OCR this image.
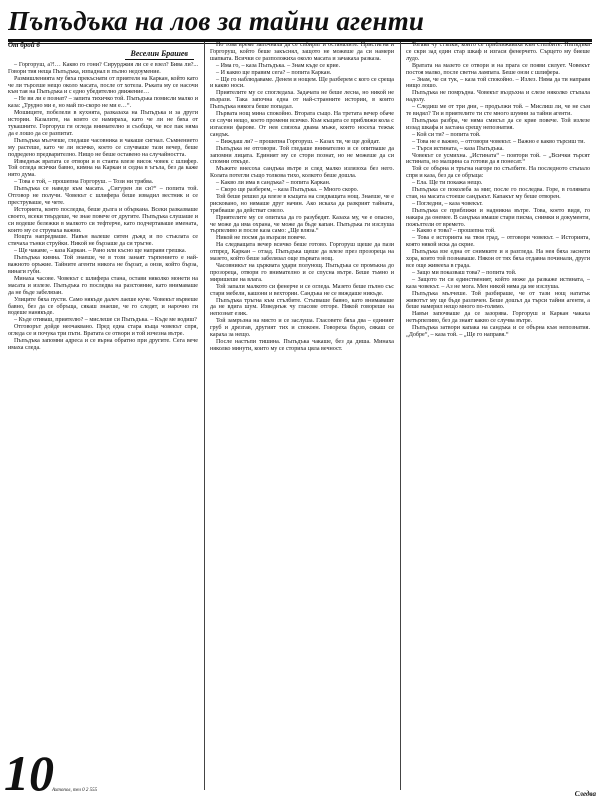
Пъпъдъка на лов за тайни агенти
От брой 6
Веселин Брашев

– Горгоруш, а?!… Какво го гони? Сирурджия ли се е взел? Бива ли?... Говори тия неща Пъпъдъка, изпаднал в пълно недоумение.

Размишленията му бяха прекъснати от приятеля на Каркан, който като че ли търсеше нещо около масата, после от хотела. Ръката му се насочи към тая на Пъпъдъка и с едно убедително движение…

– Не ви ли е познат? – запита тихичко той. Пъпъдъка помисли малко и каза: „Трудно ми е, но май по-скоро не ми е…“.

Мошиците, побелели в кухнята, разказаха на Пъпъдъка и за други истории. Казалите, на които се намираха, като че ли не бяха от тукашните. Горгоруш ги огледа внимателно и съобщи, че все пак няма да е лошо да се разпитат.

Пъпъдъка мълчеше, гледаше часовника и чакаше сигнал. Съмнението му растеше, като че ли всичко, което се случваше тази вечер, беше подредено предварително. Нищо не беше оставено на случайността.

Изведнъж вратата се отвори и в стаята влезе висок човек с шлифер. Той огледа всички бавно, кимна на Каркан и седна в ъгъла, без да каже нито дума.

– Това е той, – прошепна Горгоруш. – Този ни трябва.

Пъпъдъка се наведе към масата. „Сигурен ли си?“ – попита той. Отговор не получи. Човекът с шлифера беше извадил вестник и се преструваше, че чете.

Историята, която последва, беше дълга и объркана. Всеки разказваше своето, всеки твърдеше, че знае повече от другите. Пъпъдъка слушаше и си водеше бележки в малкото си тефтерче, като подчертаваше имената, които му се струваха важни.

Нощта напредваше. Навън валеше ситен дъжд и по стъклата се стичаха тънки струйки. Никой не бързаше да си тръгне.

– Ще чакаме, – каза Каркан. – Рано или късно ще направи грешка.

Пъпъдъка кимна. Той знаеше, че в този занаят търпението е най-важното оръжие. Тайните агенти никога не бързат, а онзи, който бърза, винаги губи.

Минаха часове. Човекът с шлифера стана, остави няколко монети на масата и излезе. Пъпъдъка го последва на разстояние, като внимаваше да не бъде забелязан.

Улиците бяха пусти. Само някъде далеч лаеше куче. Човекът вървеше бавно, без да се обръща, сякаш знаеше, че го следят, и нарочно ги водеше нанякъде.

– Къде отиваш, приятелю? – мислеше си Пъпъдъка. – Къде ме водиш?

Отговорът дойде неочаквано. Пред една стара къща човекът спря, огледа се и почука три пъти. Вратата се отвори и той изчезна вътре.

Пъпъдъка запомни адреса и се върна обратно при другите. Сега вече имаха следа.

По това време започнаха да се събират и останалите. Пристигна и Горгоруш, който беше закъснял, защото не можеше да си намери шапката. Всички се разположиха около масата и зачакаха разказа.

– Има го, – каза Пъпъдъка. – Знам къде се крие.

– И какво ще правим сега? – попита Каркан.

– Ще го наблюдаваме. Денем и нощем. Ще разберем с кого се среща и какво носи.

Приятелите му се спогледаха. Задачата не беше лесна, но никой не възрази. Така започна една от най-странните истории, в които Пъпъдъка някога беше попадал.

Първата нощ мина спокойно. Втората също. На третата вечер обаче се случи нещо, което промени всичко. Към къщата се приближи кола с изгасени фарове. От нея слязоха двама мъже, които носеха тежък сандък.

– Виждаш ли? – прошепна Горгоруш. – Казах ти, че ще дойдат.

Пъпъдъка не отговори. Той гледаше внимателно и се опитваше да запомни лицата. Единият му се стори познат, но не можеше да си спомни откъде.

Мъжете внесоха сандъка вътре и след малко излязоха без него. Колата потегли също толкова тихо, колкото беше дошла.

– Какво ли има в сандъка? – попита Каркан.

– Скоро ще разберем, – каза Пъпъдъка. – Много скоро.

Той беше решил да влезе в къщата на следващата нощ. Знаеше, че е рисковано, но нямаше друг начин. Ако искаха да разкрият тайната, трябваше да действат смело.

Приятелите му се опитаха да го разубедят. Казаха му, че е опасно, че може да има охрана, че може да бъде капан. Пъпъдъка ги изслуша търпеливо и после каза само: „Ще вляза.“

Никой не посмя да възрази повече.

На следващата вечер всичко беше готово. Горгоруш щеше да пази отпред, Каркан – отзад. Пъпъдъка щеше да влезе през прозореца на мазето, който беше забелязал още първата нощ.

Часовникът на църквата удари полунощ. Пъпъдъка се промъкна до прозореца, отвори го внимателно и се спусна вътре. Беше тъмно и миришеше на влага.

Той запали малкото си фенерче и се огледа. Мазето беше пълно със стари мебели, кашони и вехтории. Сандъка не се виждаше никъде.

Пъпъдъка тръгна към стълбите. Стъпваше бавно, като внимаваше да не вдига шум. Изведнъж чу гласове отгоре. Някой говореше на непознат език.

Той замръзна на място и се заслуша. Гласовете бяха два – единият груб и дрезгав, другият тих и спокоен. Говореха бързо, сякаш се караха за нещо.

После настъпи тишина. Пъпъдъка чакаше, без да диша. Минаха няколко минути, които му се сториха цяла вечност.

Тогава чу стъпки, които се приближаваха към стълбите. Пъпъдъка се скри зад един стар шкаф и изгаси фенерчето. Сърцето му биеше лудо.

Вратата на мазето се отвори и на прага се появи силует. Човекът постоя малко, после светна лампата. Беше онзи с шлифера.

– Знам, че си тук, – каза той спокойно. – Излез. Няма да ти направя нищо лошо.

Пъпъдъка не помръдна. Човекът въздъхна и слезе няколко стъпала надолу.

– Следиш ме от три дни, – продължи той. – Мислиш ли, че не съм те видял? Ти и приятелите ти сте много шумни за тайни агенти.

Пъпъдъка разбра, че няма смисъл да се крие повече. Той излезе иззад шкафа и застана срещу непознатия.

– Кой си ти? – попита той.

– Това не е важно, – отговори човекът. – Важно е какво търсиш ти.

– Търся истината, – каза Пъпъдъка.

Човекът се усмихна. „Истината“ – повтори той. – „Всички търсят истината, но малцина са готови да я понесат.“

Той се обърна и тръгна нагоре по стълбите. На последното стъпало спря и каза, без да се обръща:

– Ела. Ще ти покажа нещо.

Пъпъдъка се поколеба за миг, после го последва. Горе, в голямата стая, на масата стоеше сандъкът. Капакът му беше отворен.

– Погледни, – каза човекът.

Пъпъдъка се приближи и надникна вътре. Това, което видя, го накара да онемее. В сандъка имаше стари писма, снимки и документи, пожълтели от времето.

– Какво е това? – прошепна той.

– Това е историята на твоя град, – отговори човекът. – Историята, която някой иска да скрие.

Пъпъдъка взе една от снимките и я разгледа. На нея бяха заснети хора, които той познаваше. Някои от тях бяха отдавна починали, други все още живееха в града.

– Защо ми показваш това? – попита той.

– Защото ти си единственият, който може да разкаже истината, – каза човекът. – Аз не мога. Мен никой няма да ме изслуша.

Пъпъдъка мълчеше. Той разбираше, че от тази нощ нататък животът му ще бъде различен. Беше дошъл да търси тайни агенти, а беше намерил нещо много по-голямо.

Навън започваше да се зазорява. Горгоруш и Каркан чакаха нетърпеливо, без да знаят какво се случва вътре.

Пъпъдъка затвори капака на сандъка и се обърна към непознатия. „Добре“, – каза той. – „Ще го направя.“

10
Ахтопол, тел 0 2 555	Следва
